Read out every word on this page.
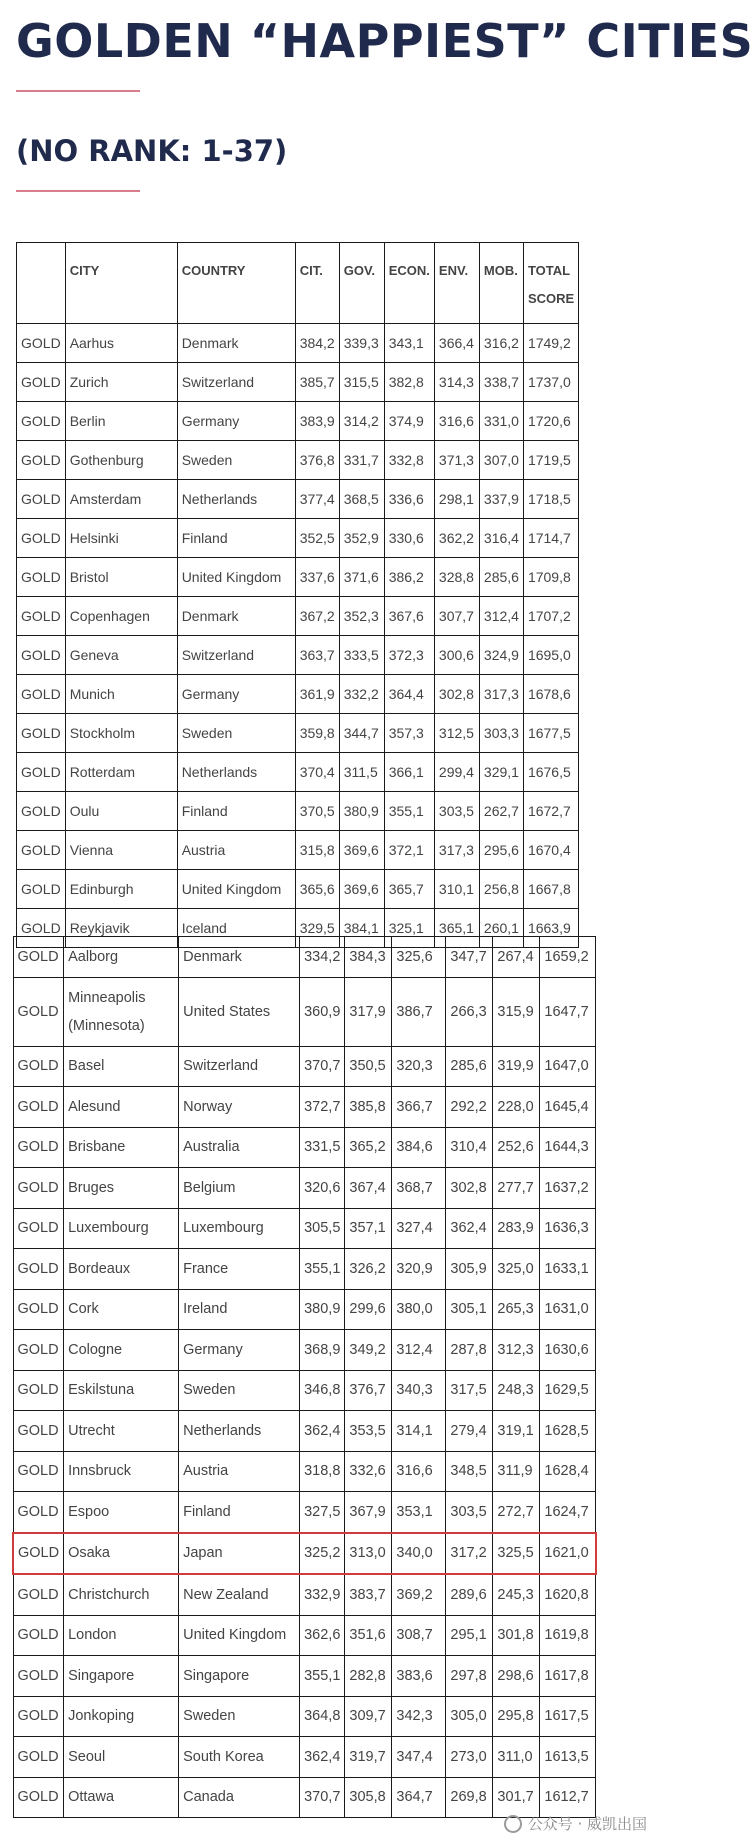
GOLDEN “HAPPIEST” CITIES
(NO RANK: 1-37)
	CITY	COUNTRY	CIT.	GOV.	ECON.	ENV.	MOB.	TOTAL SCORE
GOLD	Aarhus	Denmark	384,2	339,3	343,1	366,4	316,2	1749,2
GOLD	Zurich	Switzerland	385,7	315,5	382,8	314,3	338,7	1737,0
GOLD	Berlin	Germany	383,9	314,2	374,9	316,6	331,0	1720,6
GOLD	Gothenburg	Sweden	376,8	331,7	332,8	371,3	307,0	1719,5
GOLD	Amsterdam	Netherlands	377,4	368,5	336,6	298,1	337,9	1718,5
GOLD	Helsinki	Finland	352,5	352,9	330,6	362,2	316,4	1714,7
GOLD	Bristol	United Kingdom	337,6	371,6	386,2	328,8	285,6	1709,8
GOLD	Copenhagen	Denmark	367,2	352,3	367,6	307,7	312,4	1707,2
GOLD	Geneva	Switzerland	363,7	333,5	372,3	300,6	324,9	1695,0
GOLD	Munich	Germany	361,9	332,2	364,4	302,8	317,3	1678,6
GOLD	Stockholm	Sweden	359,8	344,7	357,3	312,5	303,3	1677,5
GOLD	Rotterdam	Netherlands	370,4	311,5	366,1	299,4	329,1	1676,5
GOLD	Oulu	Finland	370,5	380,9	355,1	303,5	262,7	1672,7
GOLD	Vienna	Austria	315,8	369,6	372,1	317,3	295,6	1670,4
GOLD	Edinburgh	United Kingdom	365,6	369,6	365,7	310,1	256,8	1667,8
GOLD	Reykjavik	Iceland	329,5	384,1	325,1	365,1	260,1	1663,9
GOLD	Aalborg	Denmark	334,2	384,3	325,6	347,7	267,4	1659,2
GOLD	Minneapolis (Minnesota)	United States	360,9	317,9	386,7	266,3	315,9	1647,7
GOLD	Basel	Switzerland	370,7	350,5	320,3	285,6	319,9	1647,0
GOLD	Alesund	Norway	372,7	385,8	366,7	292,2	228,0	1645,4
GOLD	Brisbane	Australia	331,5	365,2	384,6	310,4	252,6	1644,3
GOLD	Bruges	Belgium	320,6	367,4	368,7	302,8	277,7	1637,2
GOLD	Luxembourg	Luxembourg	305,5	357,1	327,4	362,4	283,9	1636,3
GOLD	Bordeaux	France	355,1	326,2	320,9	305,9	325,0	1633,1
GOLD	Cork	Ireland	380,9	299,6	380,0	305,1	265,3	1631,0
GOLD	Cologne	Germany	368,9	349,2	312,4	287,8	312,3	1630,6
GOLD	Eskilstuna	Sweden	346,8	376,7	340,3	317,5	248,3	1629,5
GOLD	Utrecht	Netherlands	362,4	353,5	314,1	279,4	319,1	1628,5
GOLD	Innsbruck	Austria	318,8	332,6	316,6	348,5	311,9	1628,4
GOLD	Espoo	Finland	327,5	367,9	353,1	303,5	272,7	1624,7
GOLD	Osaka	Japan	325,2	313,0	340,0	317,2	325,5	1621,0
GOLD	Christchurch	New Zealand	332,9	383,7	369,2	289,6	245,3	1620,8
GOLD	London	United Kingdom	362,6	351,6	308,7	295,1	301,8	1619,8
GOLD	Singapore	Singapore	355,1	282,8	383,6	297,8	298,6	1617,8
GOLD	Jonkoping	Sweden	364,8	309,7	342,3	305,0	295,8	1617,5
GOLD	Seoul	South Korea	362,4	319,7	347,4	273,0	311,0	1613,5
GOLD	Ottawa	Canada	370,7	305,8	364,7	269,8	301,7	1612,7
公众号 · 威凯出国
